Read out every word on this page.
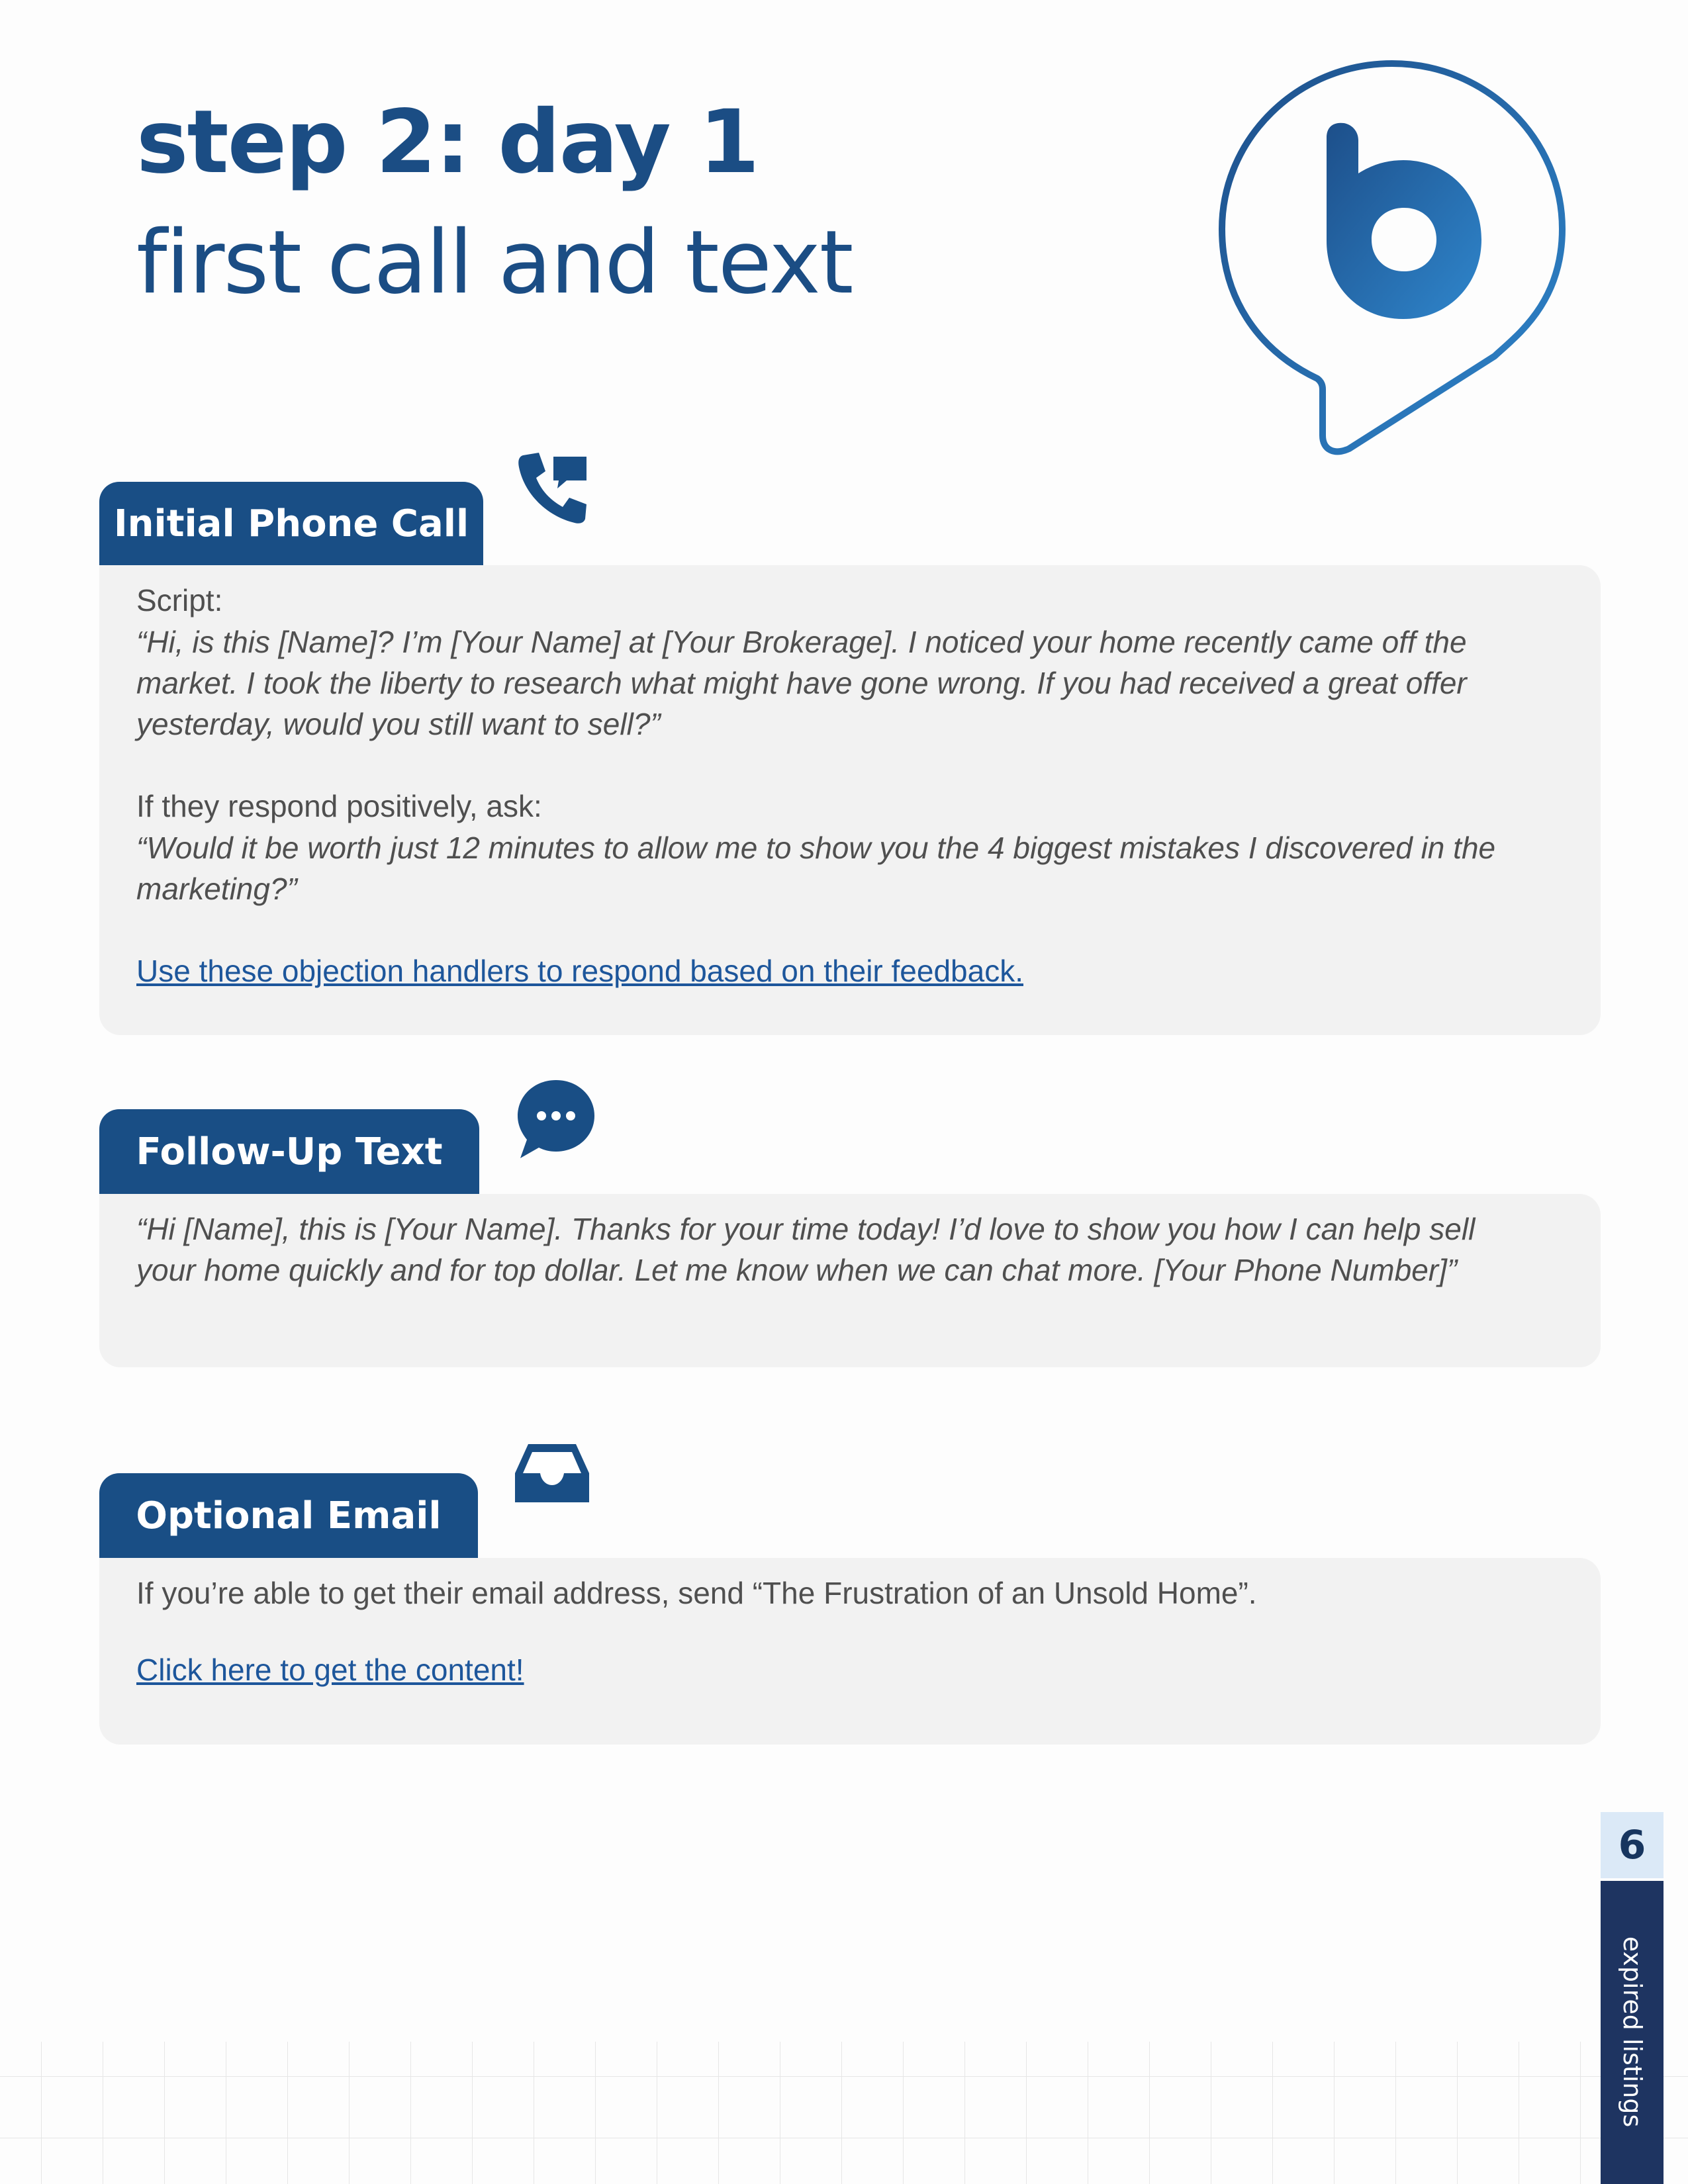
step 2: day 1
first call and text
Initial Phone Call
Script:
“Hi, is this [Name]? I’m [Your Name] at [Your Brokerage]. I noticed your home recently came off the market. I took the liberty to research what might have gone wrong. If you had received a great offer yesterday, would you still want to sell?”
If they respond positively, ask:
“Would it be worth just 12 minutes to allow me to show you the 4 biggest mistakes I discovered in the marketing?”
Use these objection handlers to respond based on their feedback.
Follow-Up Text
“Hi [Name], this is [Your Name]. Thanks for your time today! I’d love to show you how I can help sell your home quickly and for top dollar. Let me know when we can chat more. [Your Phone Number]”
Optional Email
If you’re able to get their email address, send “The Frustration of an Unsold Home”.
Click here to get the content!
6
expired listings
